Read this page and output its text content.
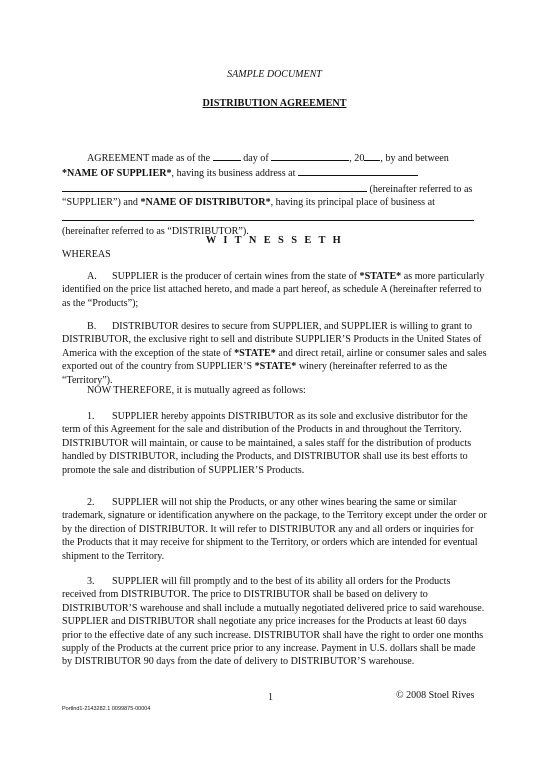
SAMPLE DOCUMENT
DISTRIBUTION AGREEMENT

AGREEMENT made as of the	day of	, 20 , by and between *NAME OF SUPPLIER*, having its business address at  (hereinafter referred to as “SUPPLIER”) and *NAME OF DISTRIBUTOR*, having its principal place of business at (hereinafter referred to as “DISTRIBUTOR”).

W I T N E S S E T H
WHEREAS

A. SUPPLIER is the producer of certain wines from the state of *STATE* as more particularly identified on the price list attached hereto, and made a part hereof, as schedule A (hereinafter referred to as the “Products”);

B. DISTRIBUTOR desires to secure from SUPPLIER, and SUPPLIER is willing to grant to DISTRIBUTOR, the exclusive right to sell and distribute SUPPLIER’S Products in the United States of America with the exception of the state of *STATE* and direct retail, airline or consumer sales and sales exported out of the country from SUPPLIER’S *STATE* winery (hereinafter referred to as the “Territory”).

NOW THEREFORE, it is mutually agreed as follows:

1. SUPPLIER hereby appoints DISTRIBUTOR as its sole and exclusive distributor for the term of this Agreement for the sale and distribution of the Products in and throughout the Territory. DISTRIBUTOR will maintain, or cause to be maintained, a sales staff for the distribution of products handled by DISTRIBUTOR, including the Products, and DISTRIBUTOR shall use its best efforts to promote the sale and distribution of SUPPLIER’S Products.

2. SUPPLIER will not ship the Products, or any other wines bearing the same or similar trademark, signature or identification anywhere on the package, to the Territory except under the order or by the direction of DISTRIBUTOR. It will refer to DISTRIBUTOR any and all orders or inquiries for the Products that it may receive for shipment to the Territory, or orders which are intended for eventual shipment to the Territory.

3. SUPPLIER will fill promptly and to the best of its ability all orders for the Products received from DISTRIBUTOR. The price to DISTRIBUTOR shall be based on delivery to DISTRIBUTOR’S warehouse and shall include a mutually negotiated delivered price to said warehouse. SUPPLIER and DISTRIBUTOR shall negotiate any price increases for the Products at least 60 days prior to the effective date of any such increase. DISTRIBUTOR shall have the right to order one months supply of the Products at the current price prior to any increase. Payment in U.S. dollars shall be made by DISTRIBUTOR 90 days from the date of delivery to DISTRIBUTOR’S warehouse.

1	© 2008 Stoel Rives
Portlnd1-2143282.1 0099875-00004
